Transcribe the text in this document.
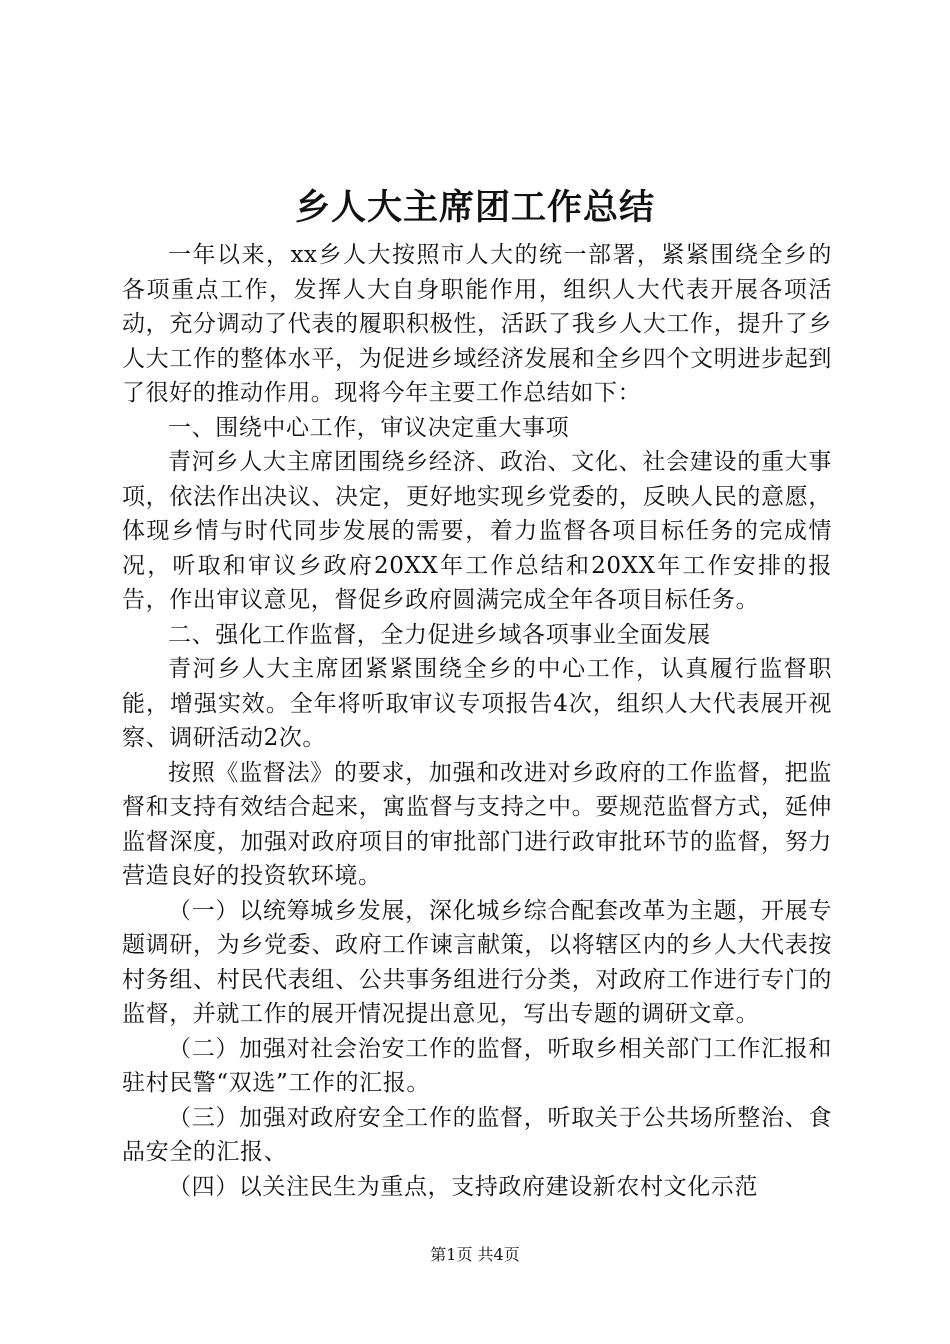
乡人大主席团工作总结

一年以来，xx乡人大按照市人大的统一部署，紧紧围绕全乡的各项重点工作，发挥人大自身职能作用，组织人大代表开展各项活动，充分调动了代表的履职积极性，活跃了我乡人大工作，提升了乡人大工作的整体水平，为促进乡域经济发展和全乡四个文明进步起到了很好的推动作用。现将今年主要工作总结如下：

一、围绕中心工作，审议决定重大事项

青河乡人大主席团围绕乡经济、政治、文化、社会建设的重大事项，依法作出决议、决定，更好地实现乡党委的，反映人民的意愿，体现乡情与时代同步发展的需要，着力监督各项目标任务的完成情况，听取和审议乡政府20XX年工作总结和20XX年工作安排的报告，作出审议意见，督促乡政府圆满完成全年各项目标任务。

二、强化工作监督，全力促进乡域各项事业全面发展

青河乡人大主席团紧紧围绕全乡的中心工作，认真履行监督职能，增强实效。全年将听取审议专项报告4次，组织人大代表展开视察、调研活动2次。

按照《监督法》的要求，加强和改进对乡政府的工作监督，把监督和支持有效结合起来，寓监督与支持之中。要规范监督方式，延伸监督深度，加强对政府项目的审批部门进行政审批环节的监督，努力营造良好的投资软环境。

（一）以统筹城乡发展，深化城乡综合配套改革为主题，开展专题调研，为乡党委、政府工作谏言献策，以将辖区内的乡人大代表按村务组、村民代表组、公共事务组进行分类，对政府工作进行专门的监督，并就工作的展开情况提出意见，写出专题的调研文章。

（二）加强对社会治安工作的监督，听取乡相关部门工作汇报和驻村民警“双选”工作的汇报。

（三）加强对政府安全工作的监督，听取关于公共场所整治、食品安全的汇报、

（四）以关注民生为重点，支持政府建设新农村文化示范

第1页 共4页
